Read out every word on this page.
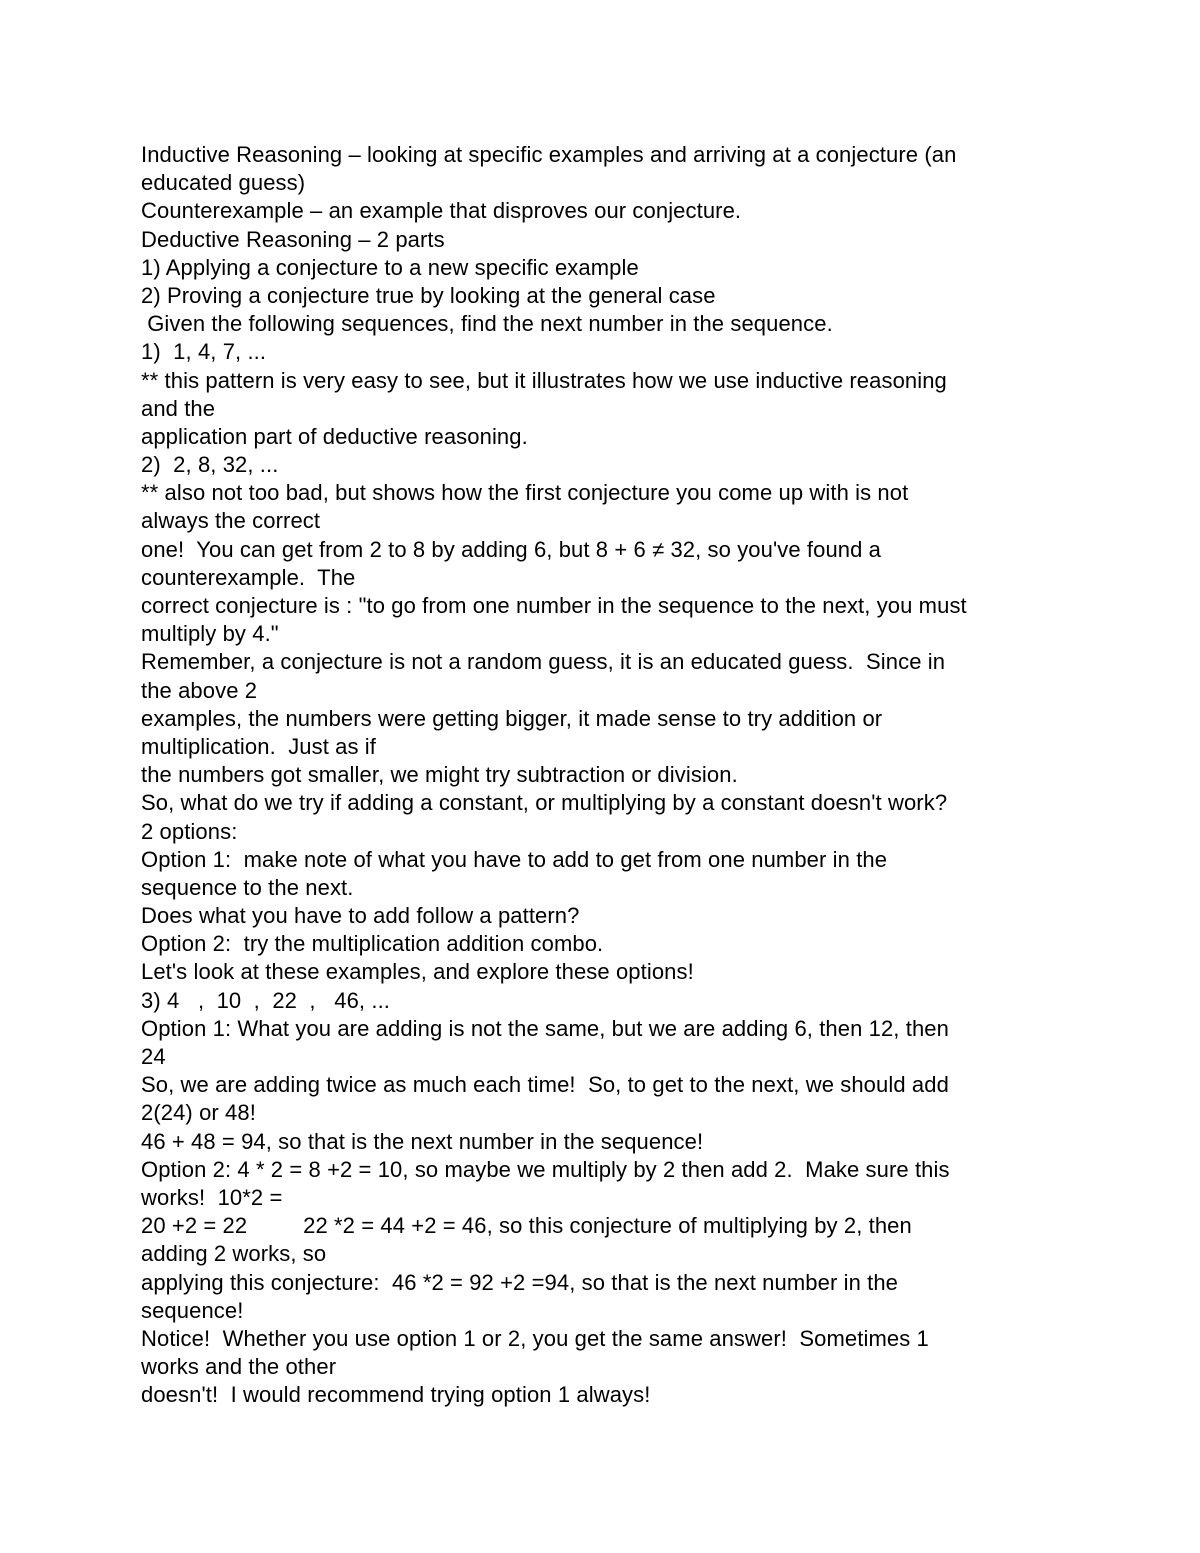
Inductive Reasoning – looking at specific examples and arriving at a conjecture (an

educated guess)

Counterexample – an example that disproves our conjecture.

Deductive Reasoning – 2 parts

1) Applying a conjecture to a new specific example

2) Proving a conjecture true by looking at the general case

Given the following sequences, find the next number in the sequence.

1)  1, 4, 7, ...

** this pattern is very easy to see, but it illustrates how we use inductive reasoning

and the

application part of deductive reasoning.

2)  2, 8, 32, ...

** also not too bad, but shows how the first conjecture you come up with is not

always the correct

one!  You can get from 2 to 8 by adding 6, but 8 + 6 ≠ 32, so you've found a

counterexample.  The

correct conjecture is : "to go from one number in the sequence to the next, you must

multiply by 4."

Remember, a conjecture is not a random guess, it is an educated guess.  Since in

the above 2

examples, the numbers were getting bigger, it made sense to try addition or

multiplication.  Just as if

the numbers got smaller, we might try subtraction or division.

So, what do we try if adding a constant, or multiplying by a constant doesn't work?

2 options:

Option 1:  make note of what you have to add to get from one number in the

sequence to the next.

Does what you have to add follow a pattern?

Option 2:  try the multiplication addition combo.

Let's look at these examples, and explore these options!

3) 4   ,  10  ,  22  ,   46, ...

Option 1: What you are adding is not the same, but we are adding 6, then 12, then

24

So, we are adding twice as much each time!  So, to get to the next, we should add

2(24) or 48!

46 + 48 = 94, so that is the next number in the sequence!

Option 2: 4 * 2 = 8 +2 = 10, so maybe we multiply by 2 then add 2.  Make sure this

works!  10*2 =

20 +2 = 22         22 *2 = 44 +2 = 46, so this conjecture of multiplying by 2, then

adding 2 works, so

applying this conjecture:  46 *2 = 92 +2 =94, so that is the next number in the

sequence!

Notice!  Whether you use option 1 or 2, you get the same answer!  Sometimes 1

works and the other

doesn't!  I would recommend trying option 1 always!
